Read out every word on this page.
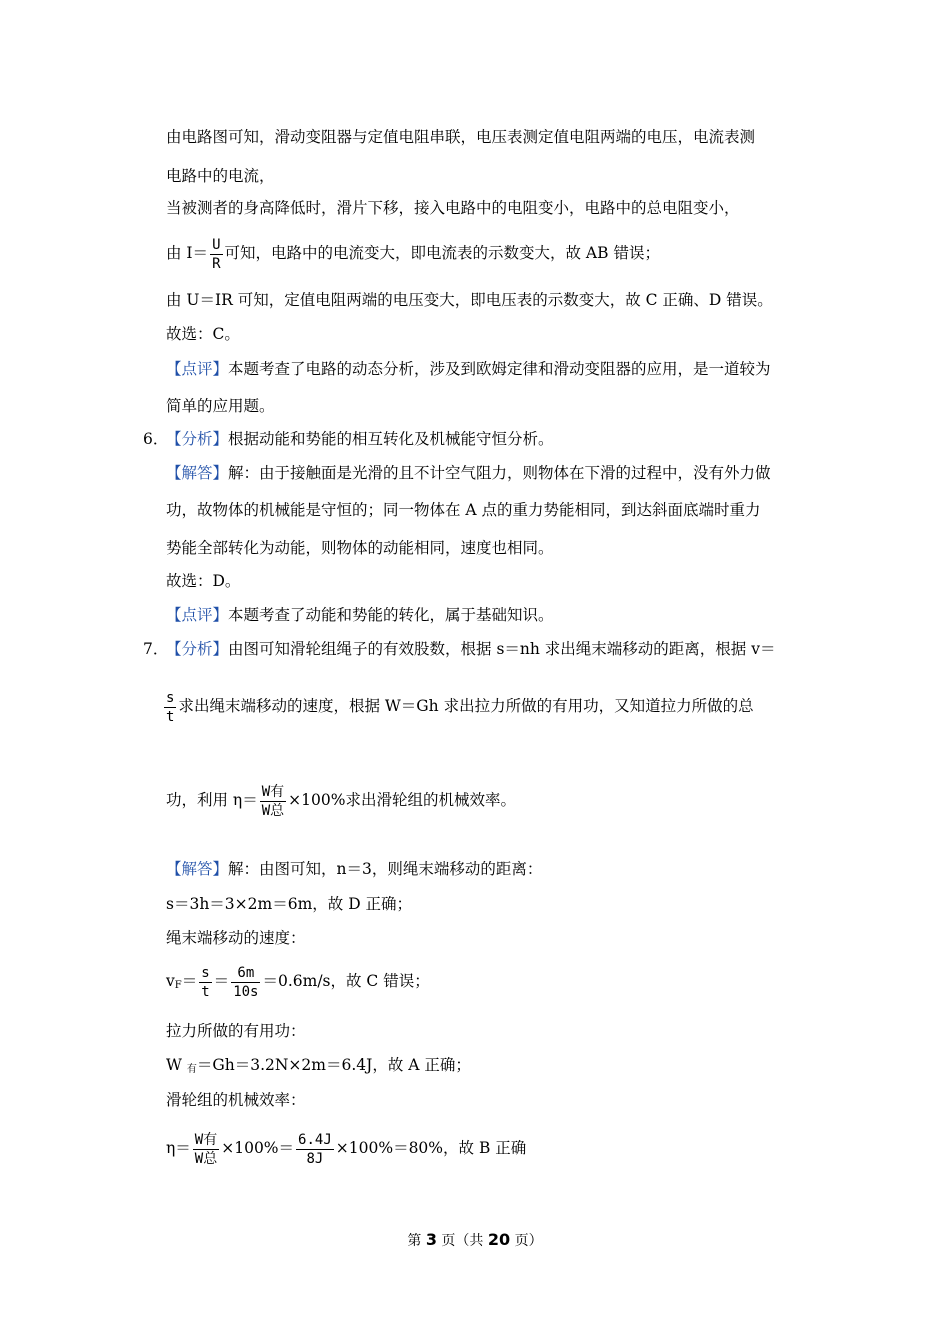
由电路图可知，滑动变阻器与定值电阻串联，电压表测定值电阻两端的电压，电流表测
电路中的电流，
当被测者的身高降低时，滑片下移，接入电路中的电阻变小，电路中的总电阻变小，
由 $I= \frac{U}{R}$ 可知，电路中的电流变大，即电流表的示数变大，故 AB 错误；
由 U＝IR 可知，定值电阻两端的电压变大，即电压表的示数变大，故 C 正确、D 错误。
故选：C。
【点评】本题考查了电路的动态分析，涉及到欧姆定律和滑动变阻器的应用，是一道较为
简单的应用题。
6．
【分析】根据动能和势能的相互转化及机械能守恒分析。
【解答】解：由于接触面是光滑的且不计空气阻力，则物体在下滑的过程中，没有外力做
功，故物体的机械能是守恒的；同一物体在 A 点的重力势能相同，到达斜面底端时重力
势能全部转化为动能，则物体的动能相同，速度也相同。
故选：D。
【点评】本题考查了动能和势能的转化，属于基础知识。
7．
【分析】由图可知滑轮组绳子的有效股数，根据 s＝nh 求出绳末端移动的距离，根据 v＝
$\frac{s}{t}$ 求出绳末端移动的速度，根据 W＝Gh 求出拉力所做的有用功，又知道拉力所做的总
功，利用 $\eta= \frac{\text{W有}}{\text{W总}} \times 100\%$求出滑轮组的机械效率。
【解答】解：由图可知，n＝3，则绳末端移动的距离：
s＝3h＝3×2m＝6m，故 D 正确；
绳末端移动的速度：
$v_F= \frac{s}{t} = \frac{6m}{10s} =0.6m/s$，故 C 错误；
拉力所做的有用功：
W $_有$＝Gh＝3.2N×2m＝6.4J，故 A 正确；
滑轮组的机械效率：
$\eta= \frac{\text{W有}}{\text{W总}} \times 100\%= \frac{6.4J}{8J} \times 100\%=80\%$，故 B 正确
第 3 页（共 20 页）
